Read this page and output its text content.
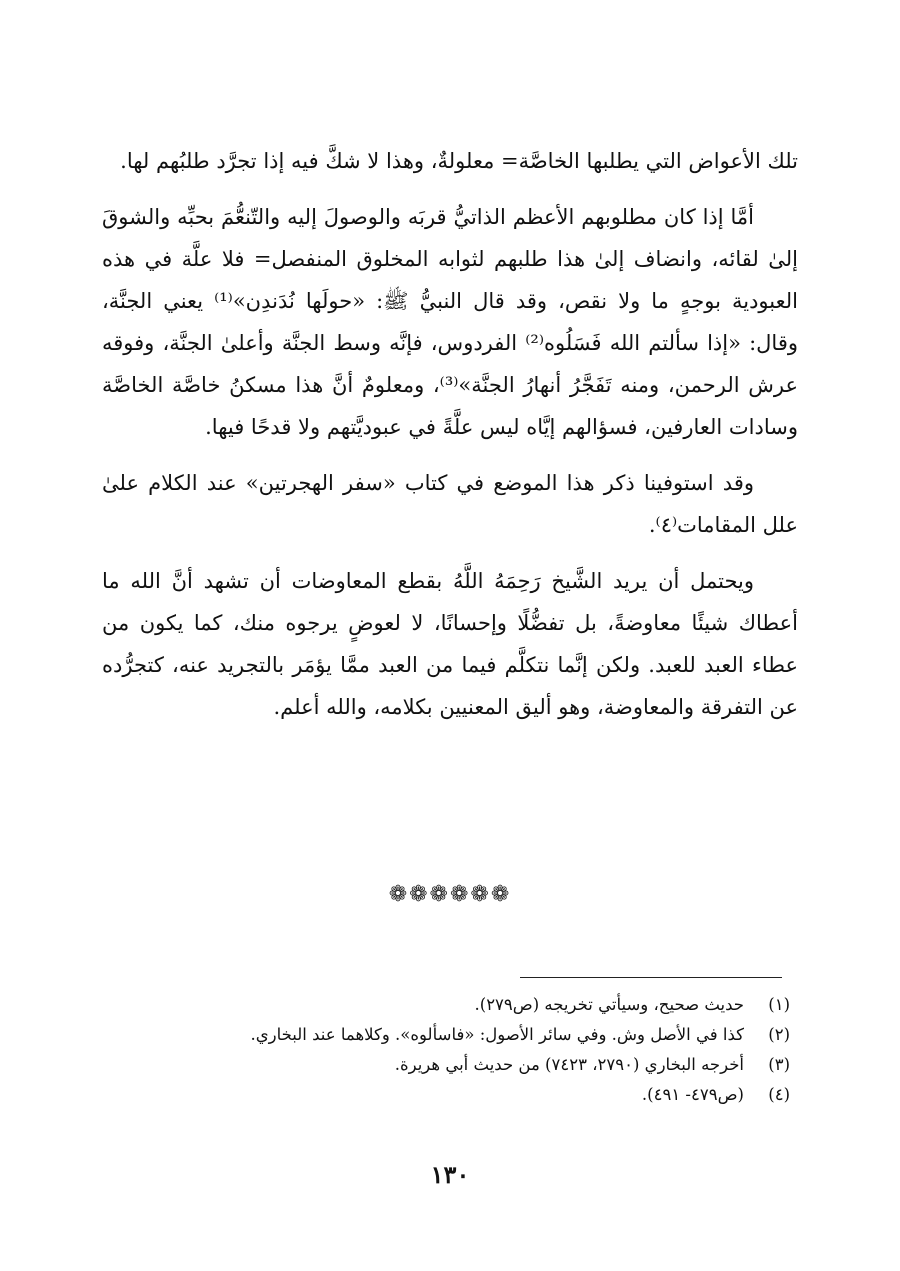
تلك الأعواض التي يطلبها الخاصَّة= معلولةٌ، وهذا لا شكَّ فيه إذا تجرَّد طلبُهم لها.

أمَّا إذا كان مطلوبهم الأعظم الذاتيُّ قربَه والوصولَ إليه والتّنعُّمَ بحبِّه والشوقَ إلىٰ لقائه، وانضاف إلىٰ هذا طلبهم لثوابه المخلوق المنفصل= فلا علَّة في هذه العبودية بوجهٍ ما ولا نقص، وقد قال النبيُّ ﷺ: «حولَها نُدَندِن»⁽¹⁾ يعني الجنَّة، وقال: «إذا سألتم الله فَسَلُوه⁽²⁾ الفردوس، فإنَّه وسط الجنَّة وأعلىٰ الجنَّة، وفوقه عرش الرحمن، ومنه تَفَجَّرُ أنهارُ الجنَّة»⁽³⁾، ومعلومٌ أنَّ هذا مسكنُ خاصَّة الخاصَّة وسادات العارفين، فسؤالهم إيَّاه ليس علَّةً في عبوديَّتهم ولا قدحًا فيها.

وقد استوفينا ذكر هذا الموضع في كتاب «سفر الهجرتين» عند الكلام علىٰ علل المقامات⁽٤⁾.

ويحتمل أن يريد الشَّيخ رَحِمَهُ اللَّهُ بقطع المعاوضات أن تشهد أنَّ الله ما أعطاك شيئًا معاوضةً، بل تفضُّلًا وإحسانًا، لا لعوضٍ يرجوه منك، كما يكون من عطاء العبد للعبد. ولكن إنَّما نتكلَّم فيما من العبد ممَّا يؤمَر بالتجريد عنه، كتجرُّده عن التفرقة والمعاوضة، وهو أليق المعنيين بكلامه، والله أعلم.

❁❁❁❁❁❁
(١)
حديث صحيح، وسيأتي تخريجه (ص٢٧٩).
(٢)
كذا في الأصل وش. وفي سائر الأصول: «فاسألوه». وكلاهما عند البخاري.
(٣)
أخرجه البخاري (٢٧٩٠، ٧٤٢٣) من حديث أبي هريرة.
(٤)
(ص٤٧٩- ٤٩١).
١٣٠
